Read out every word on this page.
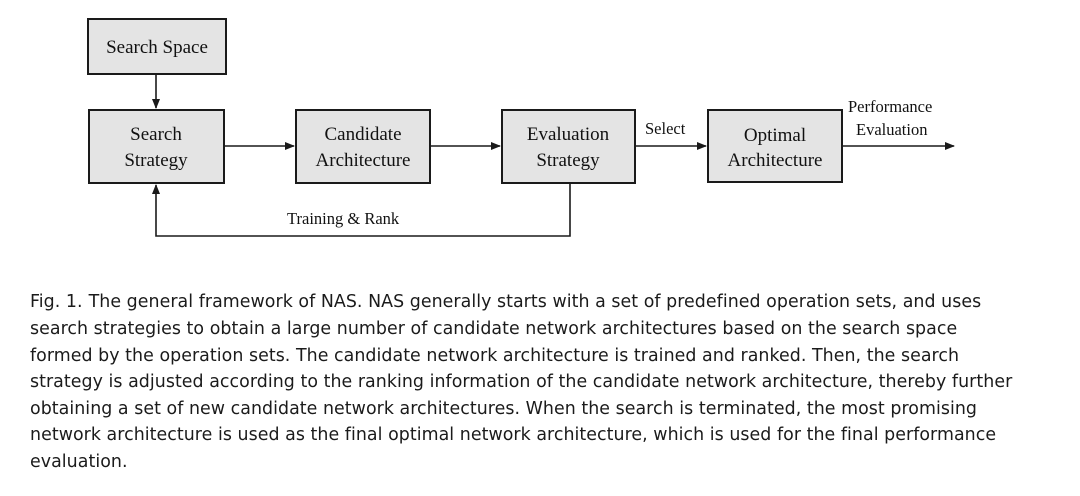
Search Space
Search
Strategy
Candidate
Architecture
Evaluation
Strategy
Optimal
Architecture
Select
Performance
Evaluation
Training & Rank

Fig. 1. The general framework of NAS. NAS generally starts with a set of predefined operation sets, and uses search strategies to obtain a large number of candidate network architectures based on the search space formed by the operation sets. The candidate network architecture is trained and ranked. Then, the search strategy is adjusted according to the ranking information of the candidate network architecture, thereby further obtaining a set of new candidate network architectures. When the search is terminated, the most promising network architecture is used as the final optimal network architecture, which is used for the final performance evaluation.
